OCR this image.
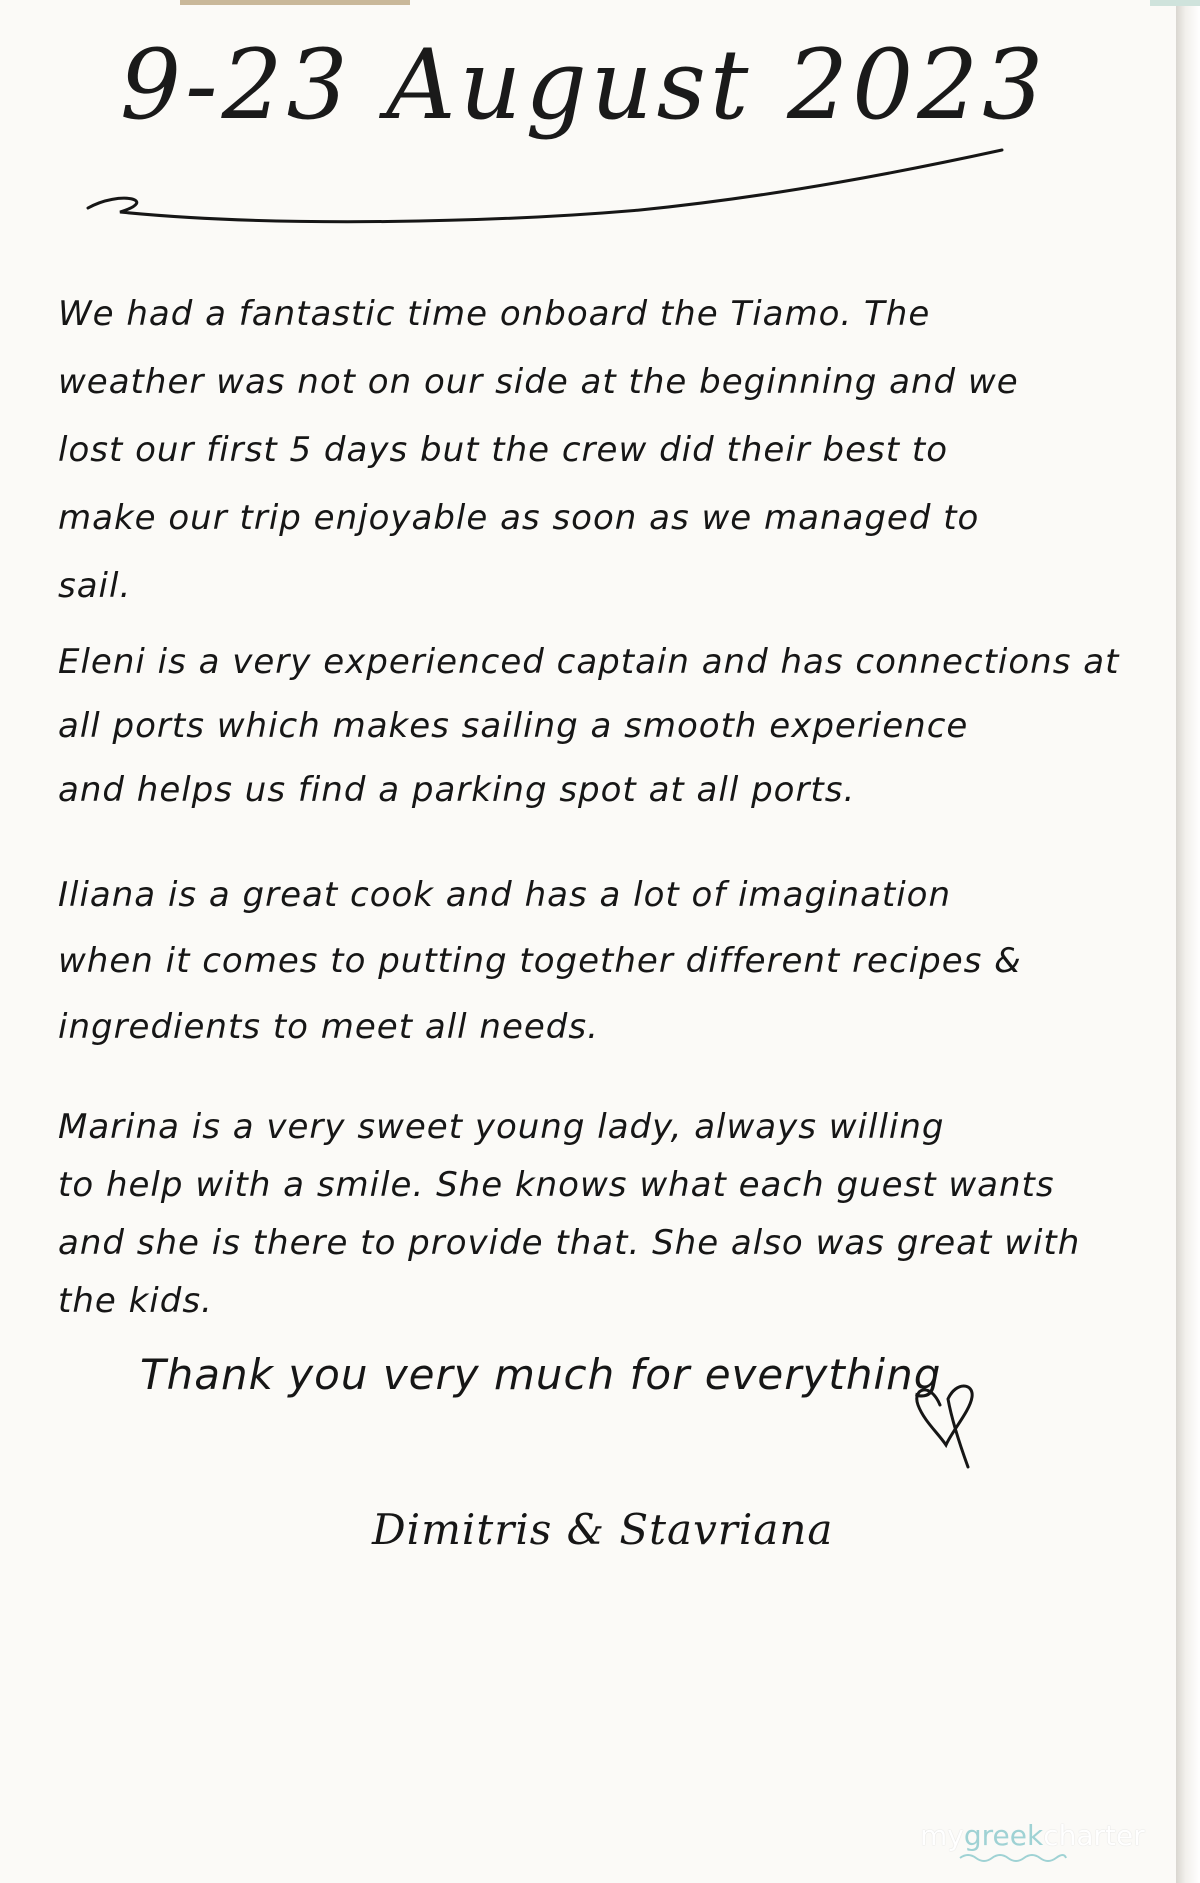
9-23 August 2023

We had a fantastic time onboard the Tiamo. The
weather was not on our side at the beginning and we
lost our first 5 days but the crew did their best to
make our trip enjoyable as soon as we managed to
sail.

Eleni is a very experienced captain and has connections at
all ports which makes sailing a smooth experience
and helps us find a parking spot at all ports.

Iliana is a great cook and has a lot of imagination
when it comes to putting together different recipes &
ingredients to meet all needs.

Marina is a very sweet young lady, always willing
to help with a smile. She knows what each guest wants
and she is there to provide that. She also was great with
the kids.

Thank you very much for everything
Dimitris & Stavriana
mygreekcharter
